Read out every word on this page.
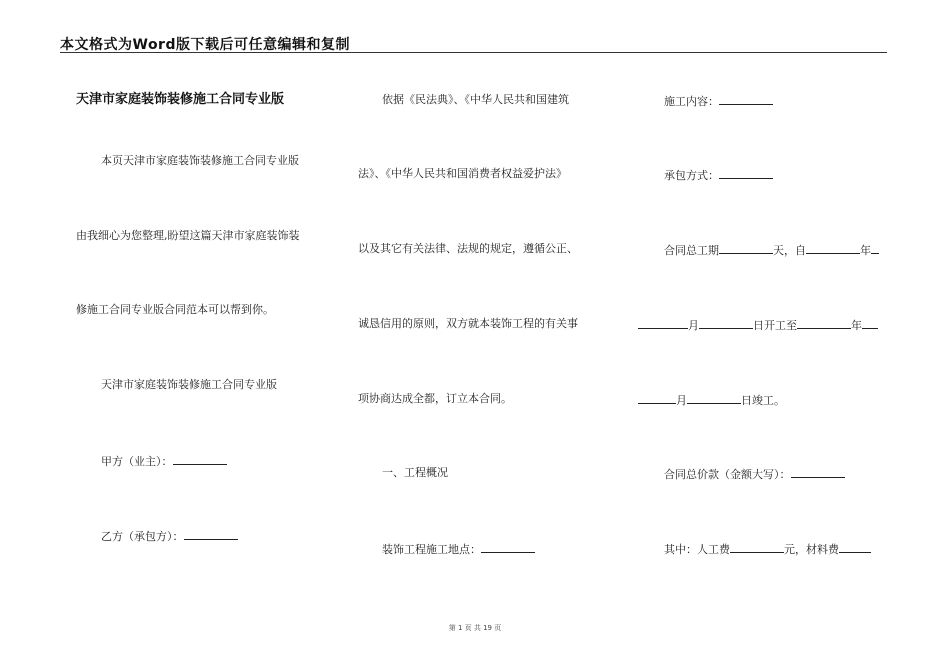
本文格式为Word版下载后可任意编辑和复制
天津市家庭装饰装修施工合同专业版
本页天津市家庭装饰装修施工合同专业版
由我细心为您整理,盼望这篇天津市家庭装饰装
修施工合同专业版合同范本可以帮到你。
天津市家庭装饰装修施工合同专业版
甲方（业主）：
乙方（承包方）：
依据《民法典》、《中华人民共和国建筑
法》、《中华人民共和国消费者权益爱护法》
以及其它有关法律、法规的规定，遵循公正、
诚恳信用的原则，双方就本装饰工程的有关事
项协商达成全都，订立本合同。
一、工程概况
装饰工程施工地点：
施工内容：
承包方式：
合同总工期	天，自	年
月	日开工至	年
月	日竣工。
合同总价款（金额大写）：
其中：人工费	元，材料费
第 1 页 共 19 页
